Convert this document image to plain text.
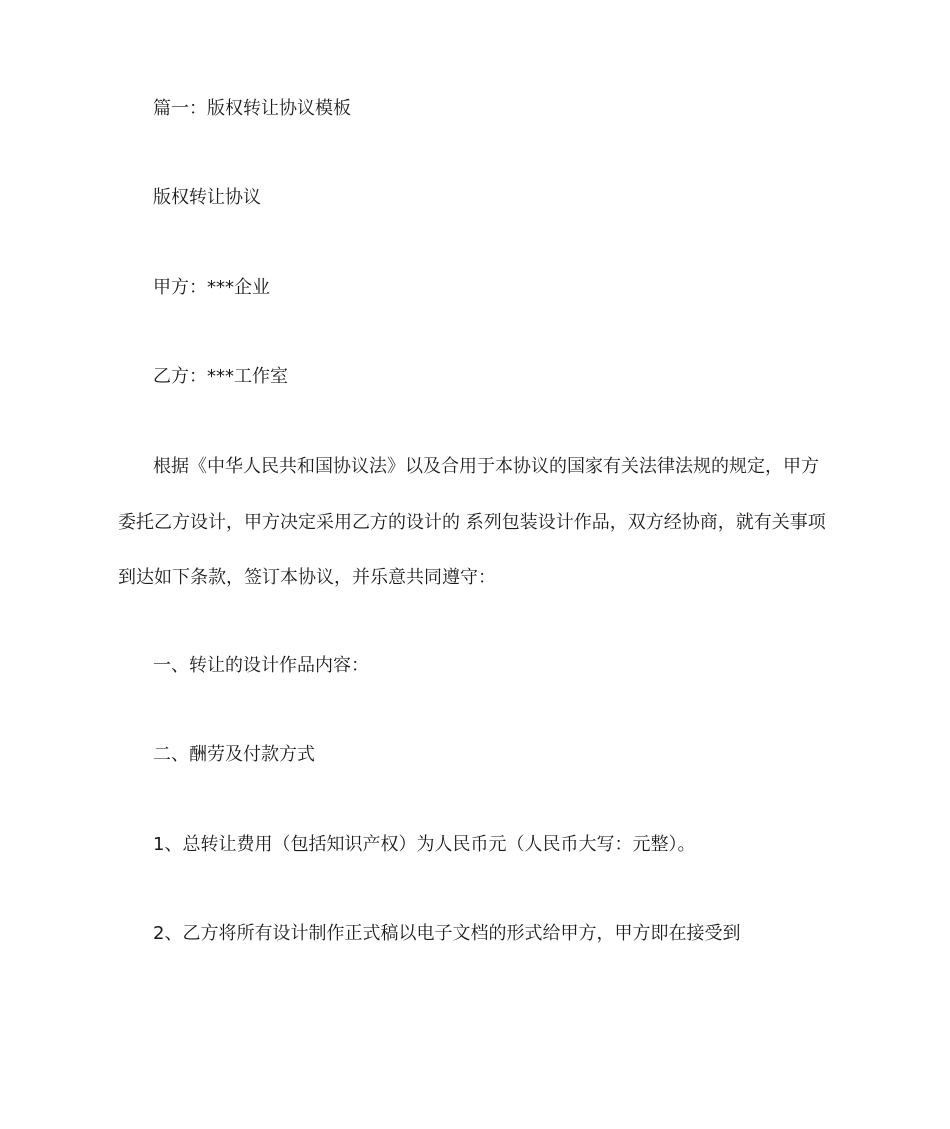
篇一：版权转让协议模板
版权转让协议
甲方：***企业
乙方：***工作室
根据《中华人民共和国协议法》以及合用于本协议的国家有关法律法规的规定，甲方
委托乙方设计，甲方决定采用乙方的设计的 系列包装设计作品，双方经协商，就有关事项
到达如下条款，签订本协议，并乐意共同遵守：
一、转让的设计作品内容：
二、酬劳及付款方式
1、总转让费用（包括知识产权）为人民币元（人民币大写：元整）。
2、乙方将所有设计制作正式稿以电子文档的形式给甲方，甲方即在接受到
